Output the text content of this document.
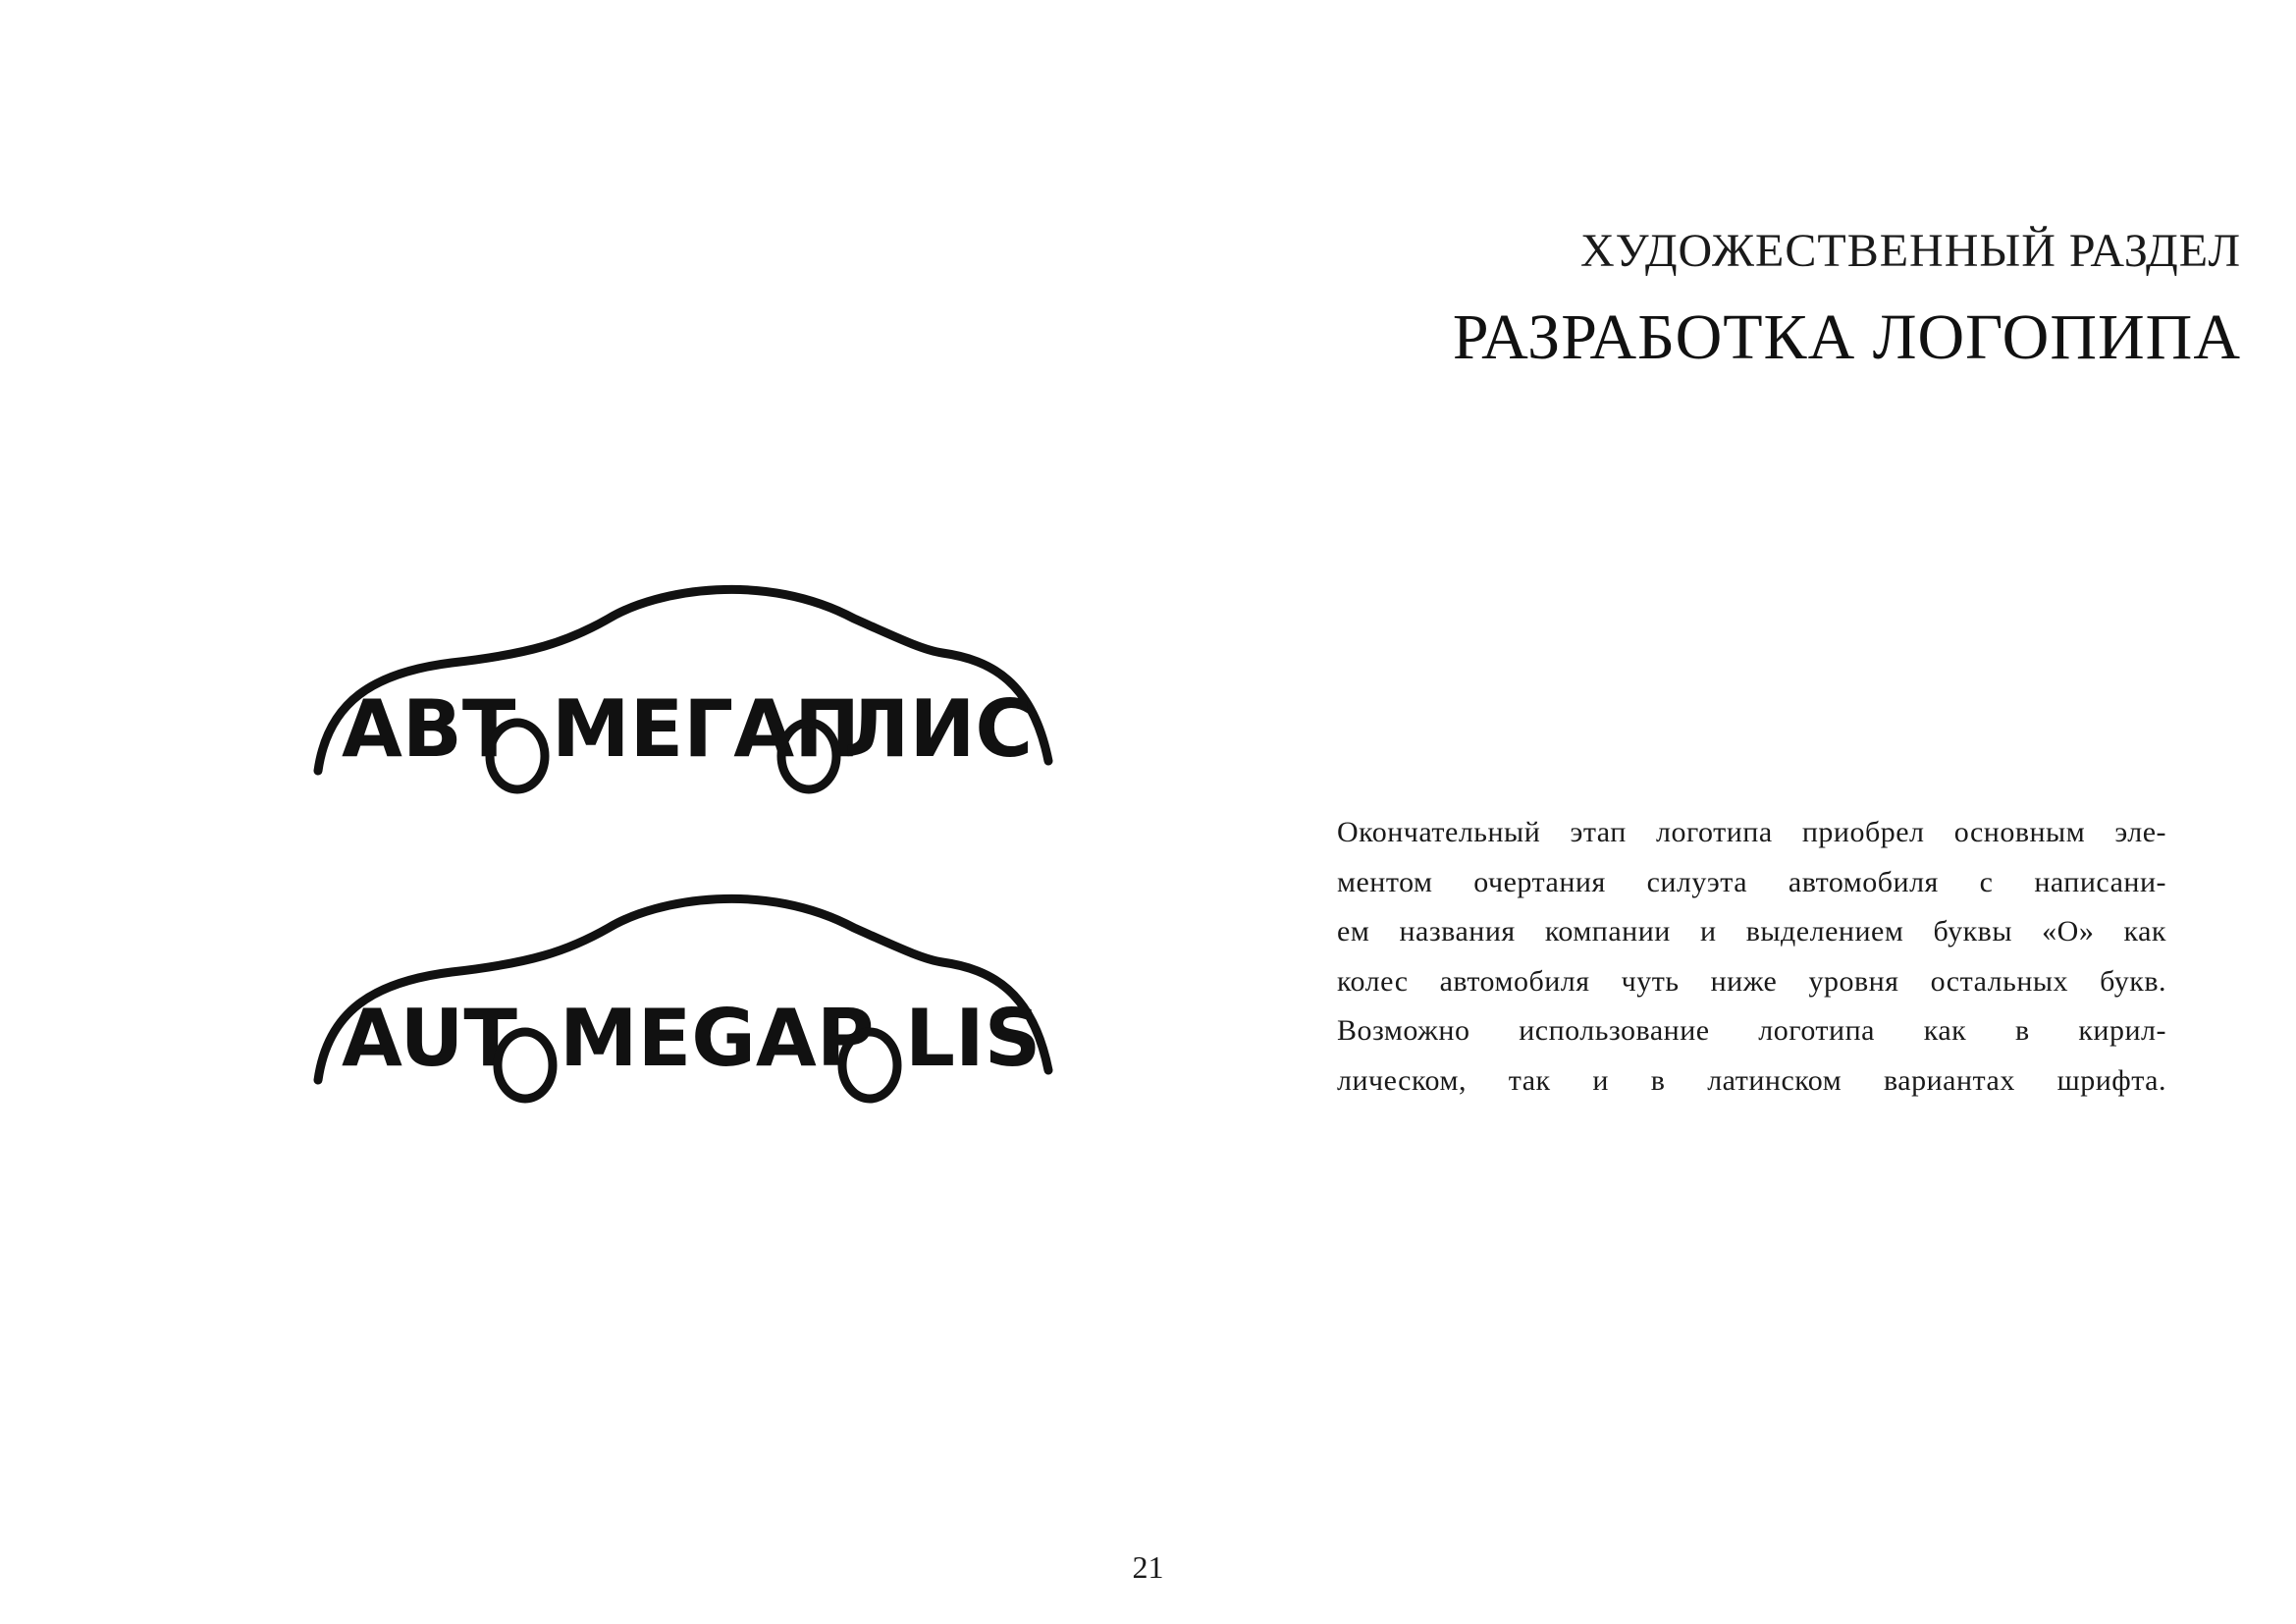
ХУДОЖЕСТВЕННЫЙ РАЗДЕЛ
РАЗРАБОТКА ЛОГОПИПА
АВТ МЕГАП
ЛИС
AUT MEGAP LIS
Окончательный этап логотипа приобрел основным эле-
ментом очертания силуэта автомобиля с написани-
ем названия компании и выделением буквы «О» как
колес автомобиля чуть ниже уровня остальных букв.
Возможно использование логотипа как в кирил-
лическом, так и в латинском вариантах шрифта.
21
